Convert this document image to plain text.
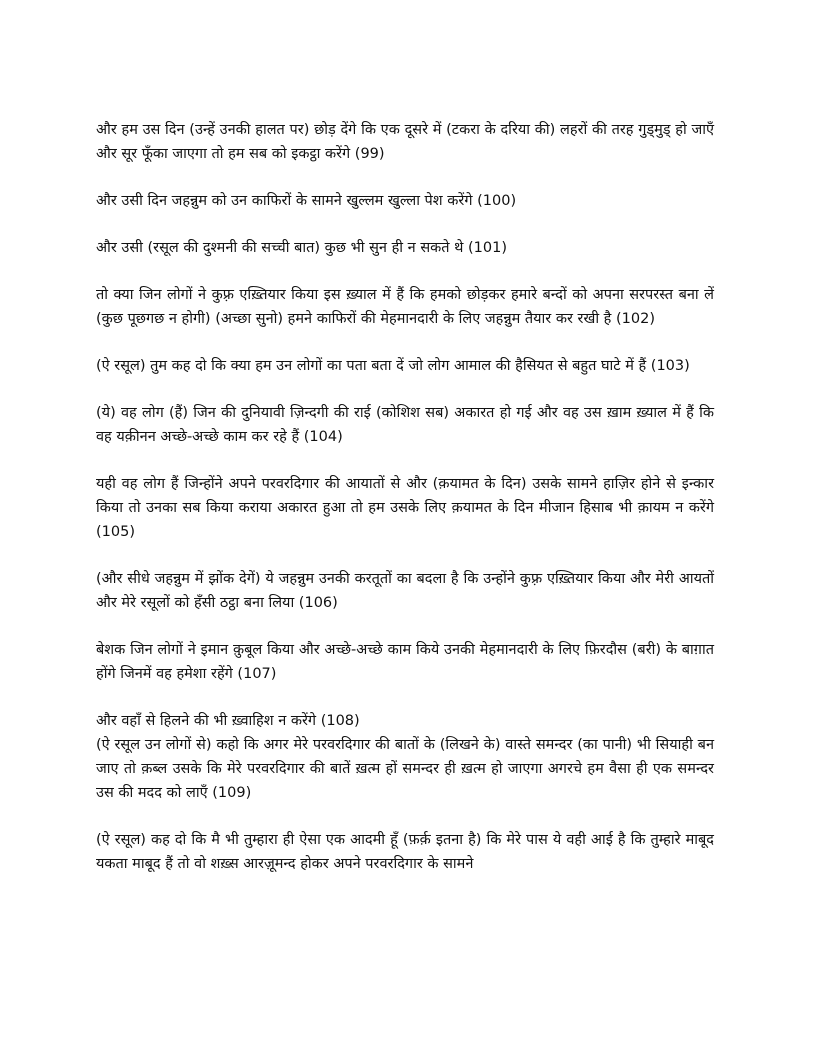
और हम उस दिन (उन्हें उनकी हालत पर) छोड़ देंगे कि एक दूसरे में (टकरा के दरिया की) लहरों की तरह गुड्मुड् हो जाएँ और सूर फूँका जाएगा तो हम सब को इकट्ठा करेंगे (99)

और उसी दिन जहन्नुम को उन काफिरों के सामने खुल्लम खुल्ला पेश करेंगे (100)

और उसी (रसूल की दुश्मनी की सच्ची बात) कुछ भी सुन ही न सकते थे (101)

तो क्या जिन लोगों ने कुफ़्र एख़्तियार किया इस ख़्याल में हैं कि हमको छोड़कर हमारे बन्दों को अपना सरपरस्त बना लें (कुछ पूछगछ न होगी) (अच्छा सुनो) हमने काफिरों की मेहमानदारी के लिए जहन्नुम तैयार कर रखी है (102)

(ऐ रसूल) तुम कह दो कि क्या हम उन लोगों का पता बता दें जो लोग आमाल की हैसियत से बहुत घाटे में हैं (103)

(ये) वह लोग (हैं) जिन की दुनियावी ज़िन्दगी की राई (कोशिश सब) अकारत हो गई और वह उस ख़ाम ख़्याल में हैं कि वह यक़ीनन अच्छे-अच्छे काम कर रहे हैं (104)

यही वह लोग हैं जिन्होंने अपने परवरदिगार की आयातों से और (क़यामत के दिन) उसके सामने हाज़िर होने से इन्कार किया तो उनका सब किया कराया अकारत हुआ तो हम उसके लिए क़यामत के दिन मीजान हिसाब भी क़ायम न करेंगे (105)

(और सीधे जहन्नुम में झोंक देगें) ये जहन्नुम उनकी करतूतों का बदला है कि उन्होंने कुफ़्र एख़्तियार किया और मेरी आयतों और मेरे रसूलों को हँसी ठट्ठा बना लिया (106)

बेशक जिन लोगों ने इमान क़ुबूल किया और अच्छे-अच्छे काम किये उनकी मेहमानदारी के लिए फ़िरदौस (बरी) के बाग़ात होंगे जिनमें वह हमेशा रहेंगे (107)

और वहाँ से हिलने की भी ख़्वाहिश न करेंगे (108)

(ऐ रसूल उन लोगों से) कहो कि अगर मेरे परवरदिगार की बातों के (लिखने के) वास्ते समन्दर (का पानी) भी सियाही बन जाए तो क़ब्ल उसके कि मेरे परवरदिगार की बातें ख़त्म हों समन्दर ही ख़त्म हो जाएगा अगरचे हम वैसा ही एक समन्दर उस की मदद को लाएँ (109)

(ऐ रसूल) कह दो कि मै भी तुम्हारा ही ऐसा एक आदमी हूँ (फ़र्क़ इतना है) कि मेरे पास ये वही आई है कि तुम्हारे माबूद यकता माबूद हैं तो वो शख़्स आरज़ूमन्द होकर अपने परवरदिगार के सामने
